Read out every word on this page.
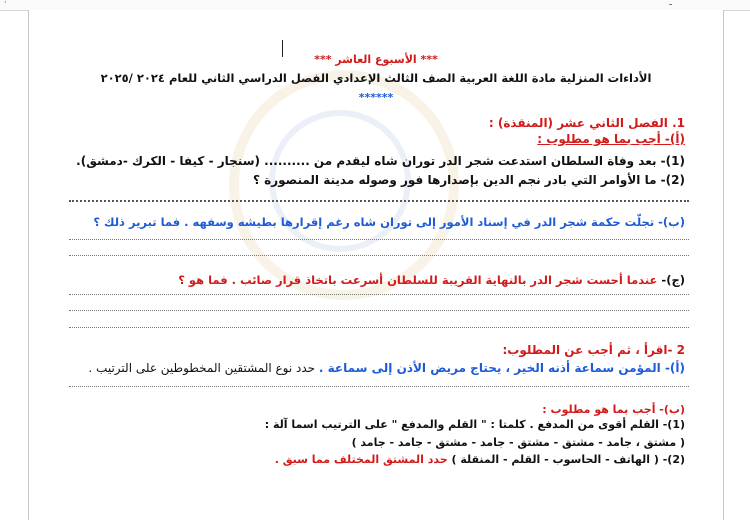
·	ـ
*** الأسبوع العاشر ***
الأداءات المنزلية مادة اللغة العربية الصف الثالث الإعدادي الفصل الدراسي الثاني للعام ٢٠٢٤ /٢٠٢٥
******
1. الفصل الثاني عشر (المنقذة) :
(أ)- أجب بما هو مطلوب :
(1)- بعد وفاة السلطان استدعت شجر الدر توران شاه ليقدم من .......... (سنجار - كيفا - الكرك -دمشق).
(2)- ما الأوامر التي بادر نجم الدين بإصدارها فور وصوله مدينة المنصورة ؟
(ب)- تجلّت حكمة شجر الدر في إسناد الأمور إلى توران شاه رغم إقرارها بطيشه وسفهه . فما تبرير ذلك ؟
(ج)- عندما أحست شجر الدر بالنهاية القريبة للسلطان أسرعت باتخاذ قرار صائب . فما هو ؟
2 -اقرأ ، ثم أجب عن المطلوب:
(أ)- المؤمن سماعة أذنه الخير ، يحتاج مريض الأذن إلى سماعة . حدد نوع المشتقين المخطوطين على الترتيب .
(ب)- أجب بما هو مطلوب :
(1)- القلم أقوى من المدفع . كلمتا : " القلم والمدفع " على الترتيب اسما آلة :
( مشتق ، جامد - مشتق - مشتق - جامد - مشتق - جامد - جامد )
(2)- ( الهاتف - الحاسوب - القلم - المنقلة ) حدد المشتق المختلف مما سبق .
